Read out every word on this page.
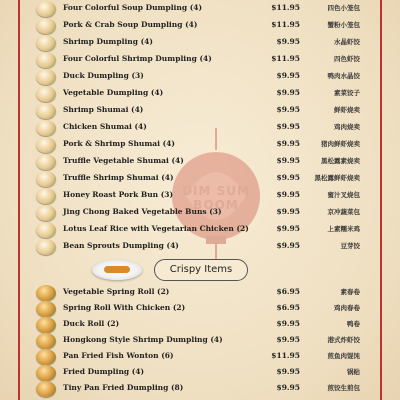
DIM SUM
BOOM
Four Colorful Soup Dumpling (4)	$11.95	四色小笼包
Pork & Crab Soup Dumpling (4)	$11.95	蟹粉小笼包
Shrimp Dumpling (4)	$9.95	水晶虾饺
Four Colorful Shrimp Dumpling (4)	$11.95	四色虾饺
Duck Dumpling (3)	$9.95	鸭肉水晶饺
Vegetable Dumpling (4)	$9.95	素菜饺子
Shrimp Shumai (4)	$9.95	鲜虾烧卖
Chicken Shumai (4)	$9.95	鸡肉烧卖
Pork & Shrimp Shumai (4)	$9.95	猪肉鲜虾烧卖
Truffle Vegetable Shumai (4)	$9.95	黑松露素烧卖
Truffle Shrimp Shumai (4)	$9.95	黑松露鲜虾烧卖
Honey Roast Pork Bun (3)	$9.95	蜜汁叉烧包
Jing Chong Baked Vegetable Buns (3)	$9.95	京冲蔬菜包
Lotus Leaf Rice with Vegetarian Chicken (2)	$9.95	上素糯米鸡
Bean Sprouts Dumpling (4)	$9.95	豆芽饺
Crispy Items
Vegetable Spring Roll (2)	$6.95	素春卷
Spring Roll With Chicken (2)	$6.95	鸡肉春卷
Duck Roll (2)	$9.95	鸭卷
Hongkong Style Shrimp Dumpling (4)	$9.95	港式炸虾饺
Pan Fried Fish Wonton (6)	$11.95	煎鱼肉馄饨
Fried Dumpling (4)	$9.95	锅贴
Tiny Pan Fried Dumpling (8)	$9.95	煎饺生煎包
